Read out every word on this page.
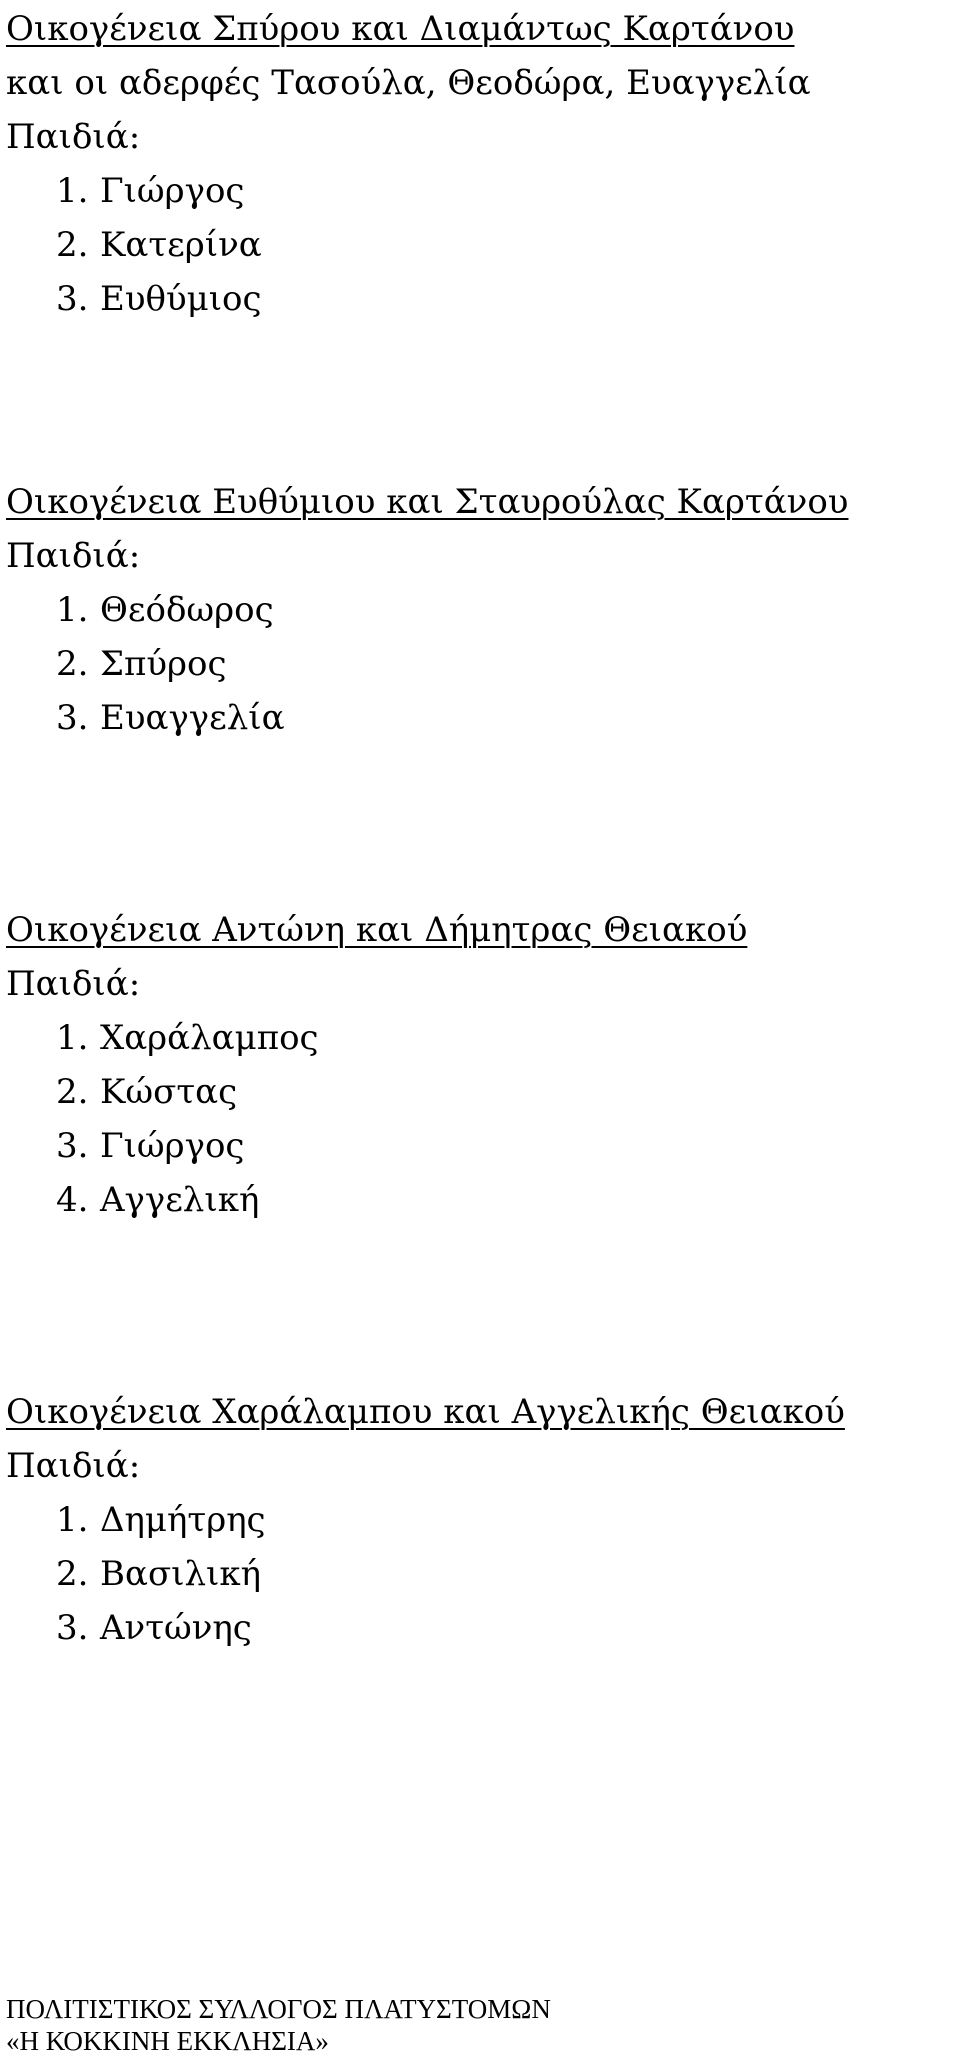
Οικογένεια Σπύρου και Διαμάντως Καρτάνου
και οι αδερφές Τασούλα, Θεοδώρα, Ευαγγελία
Παιδιά:
1. Γιώργος
2. Κατερίνα
3. Ευθύμιος
Οικογένεια Ευθύμιου και Σταυρούλας Καρτάνου
Παιδιά:
1. Θεόδωρος
2. Σπύρος
3. Ευαγγελία
Οικογένεια Αντώνη και Δήμητρας Θειακού
Παιδιά:
1. Χαράλαμπος
2. Κώστας
3. Γιώργος
4. Αγγελική
Οικογένεια Χαράλαμπου και Αγγελικής Θειακού
Παιδιά:
1. Δημήτρης
2. Βασιλική
3. Αντώνης
ΠΟΛΙΤΙΣΤΙΚΟΣ ΣΥΛΛΟΓΟΣ ΠΛΑΤΥΣΤΟΜΩΝ
«Η ΚΟΚΚΙΝΗ ΕΚΚΛΗΣΙΑ»
